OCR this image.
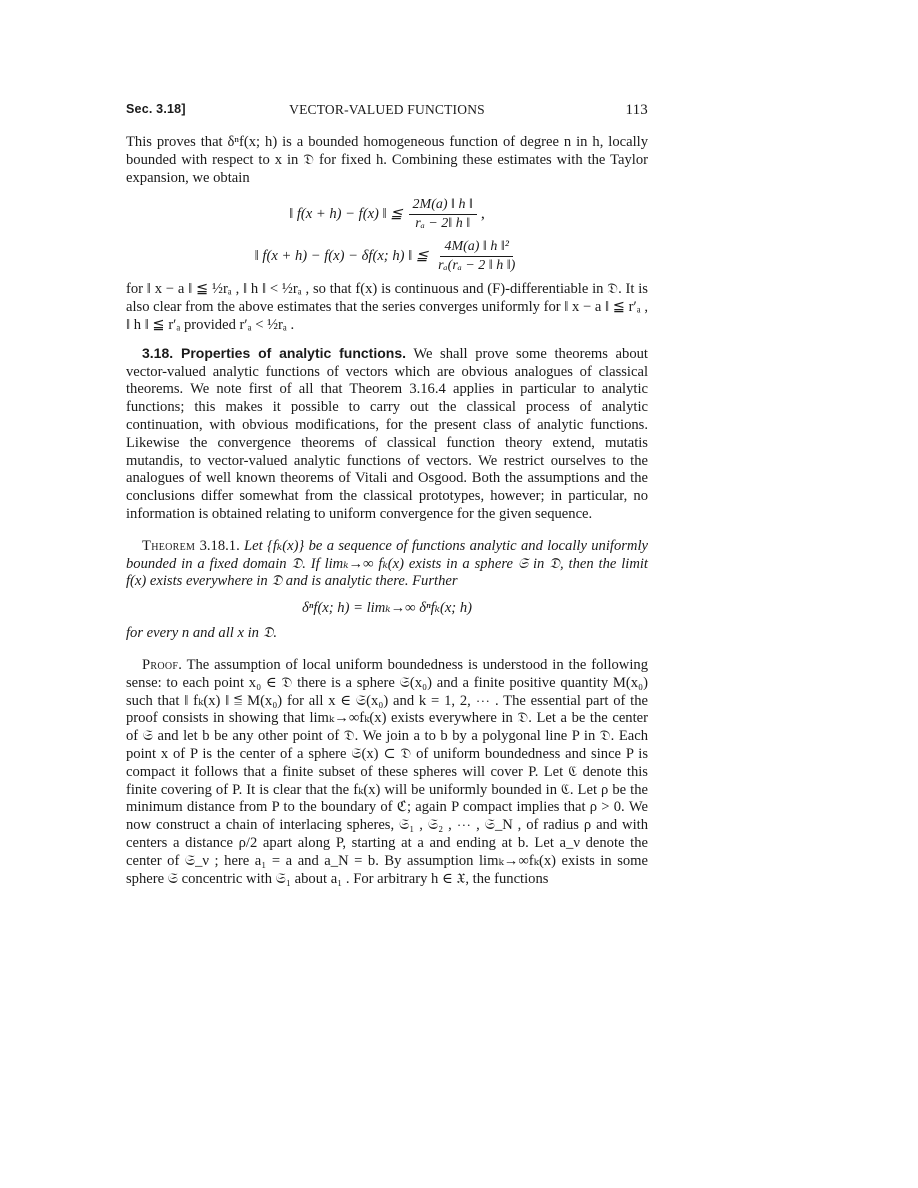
Sec. 3.18]	VECTOR-VALUED FUNCTIONS	113

This proves that δⁿf(x; h) is a bounded homogeneous function of degree n in h, locally bounded with respect to x in 𝔇 for fixed h. Combining these estimates with the Taylor expansion, we obtain

‖ f(x + h) − f(x) ‖ ≦ $\frac{2M(a) ‖ h ‖}{\text{rₐ − 2‖ h ‖}}$ ,
‖ f(x + h) − f(x) − δf(x; h) ‖ ≦ $\frac{\text{4M(a) ‖ h ‖²}}{\text{rₐ(rₐ − 2 ‖ h ‖)}}$

for ‖ x − a ‖ ≦ ½rₐ , ‖ h ‖ < ½rₐ , so that f(x) is continuous and (F)-differentiable in 𝔇. It is also clear from the above estimates that the series converges uniformly for ‖ x − a ‖ ≦ r′ₐ , ‖ h ‖ ≦ r′ₐ provided r′ₐ < ½rₐ .

3.18. Properties of analytic functions. We shall prove some theorems about vector-valued analytic functions of vectors which are obvious analogues of classical theorems. We note first of all that Theorem 3.16.4 applies in particular to analytic functions; this makes it possible to carry out the classical process of analytic continuation, with obvious modifications, for the present class of analytic functions. Likewise the convergence theorems of classical function theory extend, mutatis mutandis, to vector-valued analytic functions of vectors. We restrict ourselves to the analogues of well known theorems of Vitali and Osgood. Both the assumptions and the conclusions differ somewhat from the classical prototypes, however; in particular, no information is obtained relating to uniform convergence for the given sequence.

Theorem 3.18.1. Let {fₖ(x)} be a sequence of functions analytic and locally uniformly bounded in a fixed domain 𝔇. If limₖ→∞ fₖ(x) exists in a sphere 𝔖 in 𝔇, then the limit f(x) exists everywhere in 𝔇 and is analytic there. Further

δⁿf(x; h) = limₖ→∞ δⁿfₖ(x; h)

for every n and all x in 𝔇.

Proof. The assumption of local uniform boundedness is understood in the following sense: to each point x₀ ∈ 𝔇 there is a sphere 𝔖(x₀) and a finite positive quantity M(x₀) such that ‖ fₖ(x) ‖ ≦ M(x₀) for all x ∈ 𝔖(x₀) and k = 1, 2, ⋯ . The essential part of the proof consists in showing that limₖ→∞fₖ(x) exists everywhere in 𝔇. Let a be the center of 𝔖 and let b be any other point of 𝔇. We join a to b by a polygonal line P in 𝔇. Each point x of P is the center of a sphere 𝔖(x) ⊂ 𝔇 of uniform boundedness and since P is compact it follows that a finite subset of these spheres will cover P. Let ℭ denote this finite covering of P. It is clear that the fₖ(x) will be uniformly bounded in ℭ. Let ρ be the minimum distance from P to the boundary of ℭ; again P compact implies that ρ > 0. We now construct a chain of interlacing spheres, 𝔖₁ , 𝔖₂ , ⋯ , 𝔖_N , of radius ρ and with centers a distance ρ/2 apart along P, starting at a and ending at b. Let a_ν denote the center of 𝔖_ν ; here a₁ = a and a_N = b. By assumption limₖ→∞fₖ(x) exists in some sphere 𝔖 concentric with 𝔖₁ about a₁ . For arbitrary h ∈ 𝔛, the functions
